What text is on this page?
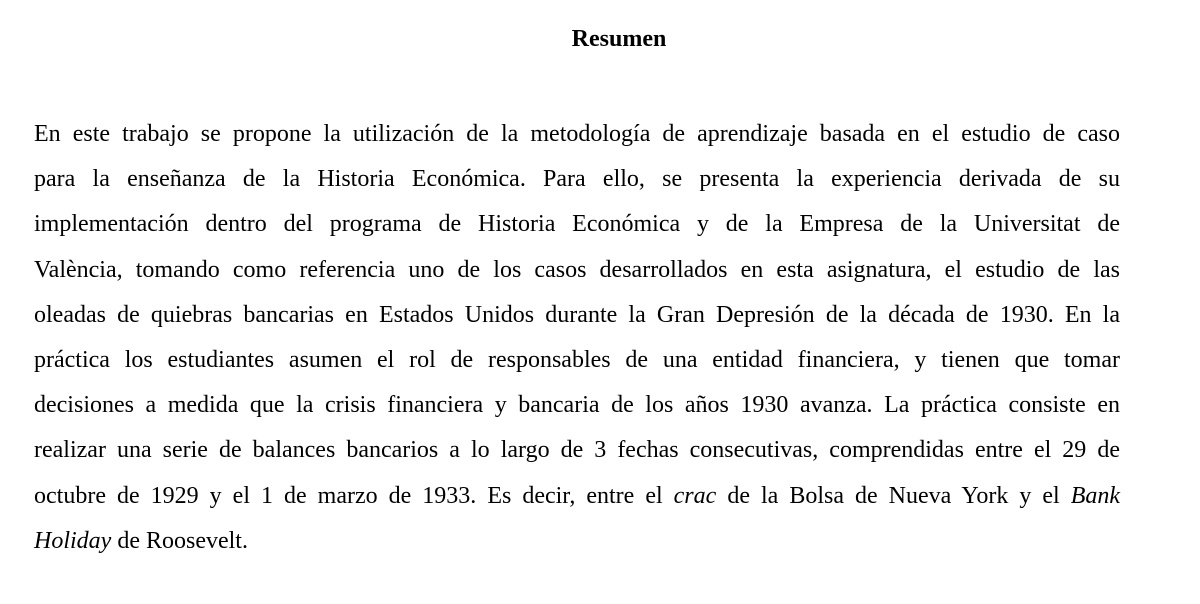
Resumen
En este trabajo se propone la utilización de la metodología de aprendizaje basada en el estudio de caso
para la enseñanza de la Historia Económica. Para ello, se presenta la experiencia derivada de su
implementación dentro del programa de Historia Económica y de la Empresa de la Universitat de
València, tomando como referencia uno de los casos desarrollados en esta asignatura, el estudio de las
oleadas de quiebras bancarias en Estados Unidos durante la Gran Depresión de la década de 1930. En la
práctica los estudiantes asumen el rol de responsables de una entidad financiera, y tienen que tomar
decisiones a medida que la crisis financiera y bancaria de los años 1930 avanza. La práctica consiste en
realizar una serie de balances bancarios a lo largo de 3 fechas consecutivas, comprendidas entre el 29 de
octubre de 1929 y el 1 de marzo de 1933. Es decir, entre el crac de la Bolsa de Nueva York y el Bank
Holiday de Roosevelt.
